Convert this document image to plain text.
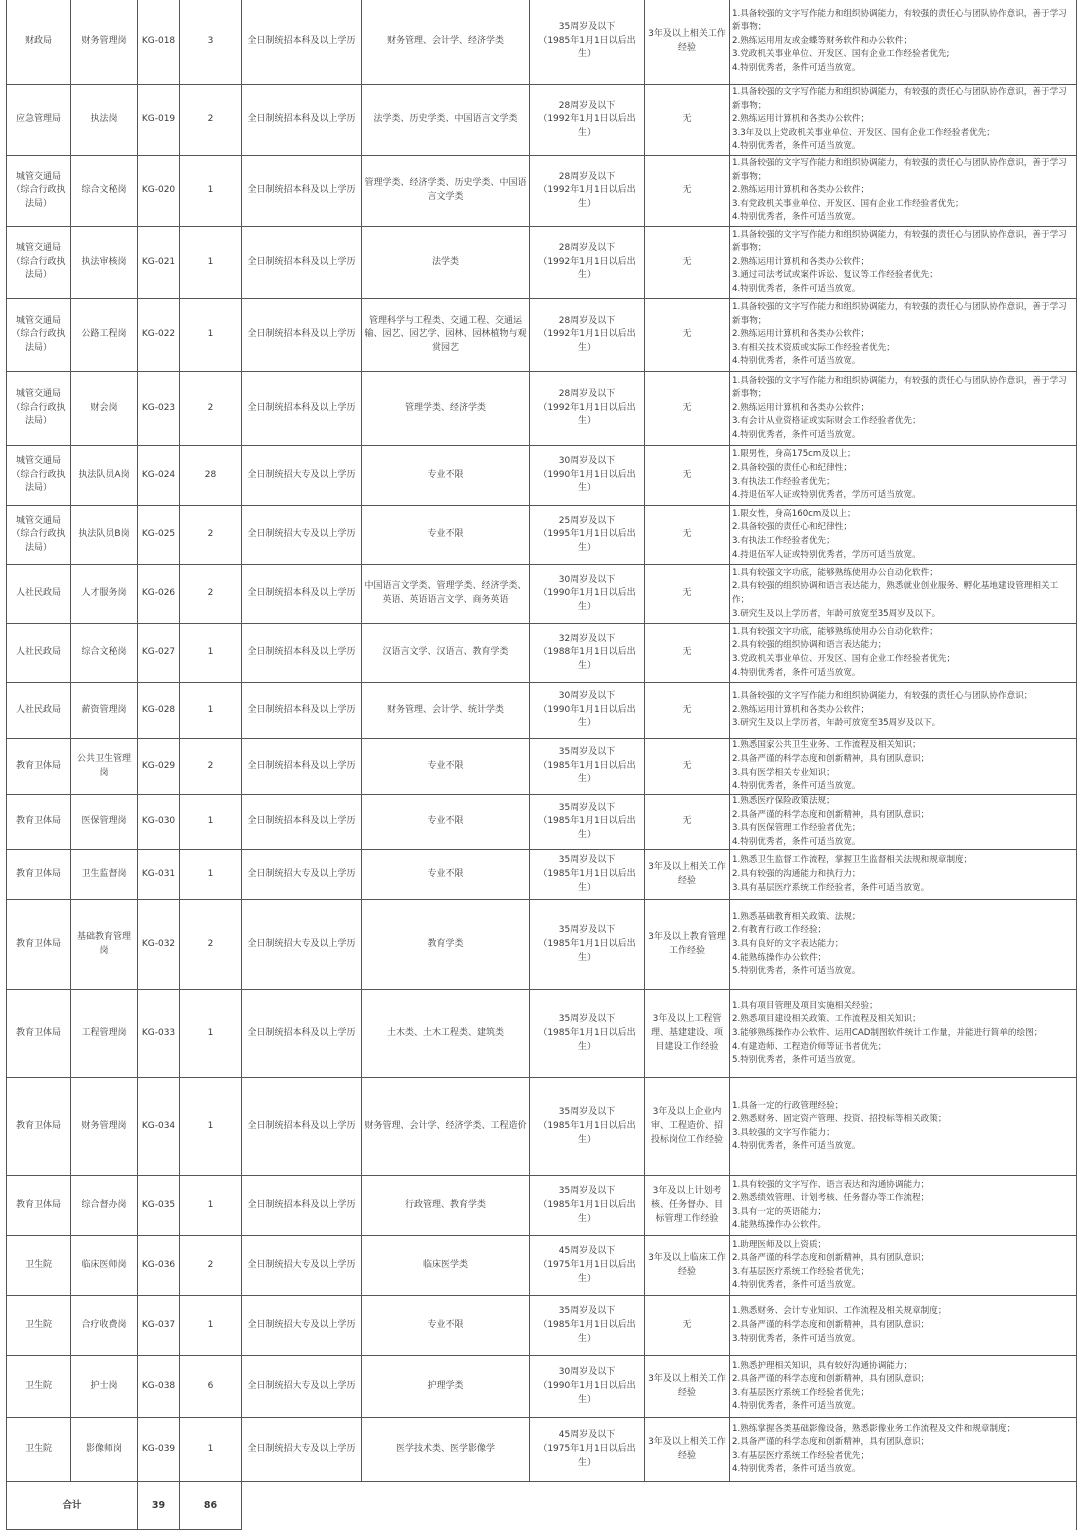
财政局	财务管理岗	KG-018	3	全日制统招本科及以上学历	财务管理、会计学、经济学类	
35周岁及以下
（1985年1月1日以后出生）
	3年及以上相关工作经验	
1.具备较强的文字写作能力和组织协调能力，有较强的责任心与团队协作意识，善于学习新事物；
2.熟练运用用友或金蝶等财务软件和办公软件；
3.党政机关事业单位、开发区、国有企业工作经验者优先;
4.特别优秀者，条件可适当放宽。

应急管理局	执法岗	KG-019	2	全日制统招本科及以上学历	法学类、历史学类、中国语言文学类	
28周岁及以下
（1992年1月1日以后出生）
	无	
1.具备较强的文字写作能力和组织协调能力，有较强的责任心与团队协作意识，善于学习新事物；
2.熟练运用计算机和各类办公软件；
3.3年及以上党政机关事业单位、开发区、国有企业工作经验者优先；
4.特别优秀者，条件可适当放宽。

城管交通局（综合行政执法局）	综合文秘岗	KG-020	1	全日制统招本科及以上学历	管理学类、经济学类、历史学类、中国语言文学类	
28周岁及以下
（1992年1月1日以后出生）
	无	
1.具备较强的文字写作能力和组织协调能力，有较强的责任心与团队协作意识，善于学习新事物；
2.熟练运用计算机和各类办公软件；
3.有党政机关事业单位、开发区、国有企业工作经验者优先；
4.特别优秀者，条件可适当放宽。

城管交通局（综合行政执法局）	执法审核岗	KG-021	1	全日制统招本科及以上学历	法学类	
28周岁及以下
（1992年1月1日以后出生）
	无	
1.具备较强的文字写作能力和组织协调能力，有较强的责任心与团队协作意识，善于学习新事物；
2.熟练运用计算机和各类办公软件；
3.通过司法考试或案件诉讼、复议等工作经验者优先；
4.特别优秀者，条件可适当放宽。

城管交通局（综合行政执法局）	公路工程岗	KG-022	1	全日制统招本科及以上学历	管理科学与工程类、交通工程、交通运输、园艺、园艺学、园林、园林植物与观赏园艺	
28周岁及以下
（1992年1月1日以后出生）
	无	
1.具备较强的文字写作能力和组织协调能力，有较强的责任心与团队协作意识，善于学习新事物；
2.熟练运用计算机和各类办公软件；
3.有相关技术资质或实际工作经验者优先；
4.特别优秀者，条件可适当放宽。

城管交通局（综合行政执法局）	财会岗	KG-023	2	全日制统招本科及以上学历	管理学类、经济学类	
28周岁及以下
（1992年1月1日以后出生）
	无	
1.具备较强的文字写作能力和组织协调能力，有较强的责任心与团队协作意识，善于学习新事物；
2.熟练运用计算机和各类办公软件；
3.有会计从业资格证或实际财会工作经验者优先；
4.特别优秀者，条件可适当放宽。

城管交通局（综合行政执法局）	执法队员A岗	KG-024	28	全日制统招大专及以上学历	专业不限	
30周岁及以下
（1990年1月1日以后出生）
	无	
1.限男性，身高175cm及以上；
2.具备较强的责任心和纪律性；
3.有执法工作经验者优先；
4.持退伍军人证或特别优秀者，学历可适当放宽。

城管交通局（综合行政执法局）	执法队员B岗	KG-025	2	全日制统招大专及以上学历	专业不限	
25周岁及以下
（1995年1月1日以后出生）
	无	
1.限女性，身高160cm及以上；
2.具备较强的责任心和纪律性；
3.有执法工作经验者优先；
4.持退伍军人证或特别优秀者，学历可适当放宽。

人社民政局	人才服务岗	KG-026	2	全日制统招本科及以上学历	中国语言文学类、管理学类、经济学类、英语、英语语言文学、商务英语	
30周岁及以下
（1990年1月1日以后出生）
	无	
1.具有较强文字功底，能够熟练使用办公自动化软件；
2.具有较强的组织协调和语言表达能力，熟悉就业创业服务、孵化基地建设管理相关工作；
3.研究生及以上学历者，年龄可放宽至35周岁及以下。

人社民政局	综合文秘岗	KG-027	1	全日制统招本科及以上学历	汉语言文学、汉语言、教育学类	
32周岁及以下
（1988年1月1日以后出生）
	无	
1.具有较强文字功底，能够熟练使用办公自动化软件；
2.具有较强的组织协调和语言表达能力；
3.党政机关事业单位、开发区、国有企业工作经验者优先；
4.特别优秀者，条件可适当放宽。

人社民政局	薪资管理岗	KG-028	1	全日制统招本科及以上学历	财务管理、会计学、统计学类	
30周岁及以下
（1990年1月1日以后出生）
	无	
1.具备较强的文字写作能力和组织协调能力，有较强的责任心与团队协作意识；
2.熟练运用计算机和各类办公软件；
3.研究生及以上学历者，年龄可放宽至35周岁及以下。

教育卫体局	公共卫生管理岗	KG-029	2	全日制统招本科及以上学历	专业不限	
35周岁及以下
（1985年1月1日以后出生）
	无	
1.熟悉国家公共卫生业务、工作流程及相关知识；
2.具备严谨的科学态度和创新精神，具有团队意识；
3.具有医学相关专业知识；
4.特别优秀者，条件可适当放宽。

教育卫体局	医保管理岗	KG-030	1	全日制统招本科及以上学历	专业不限	
35周岁及以下
（1985年1月1日以后出生）
	无	
1.熟悉医疗保险政策法规；
2.具备严谨的科学态度和创新精神，具有团队意识；
3.具有医保管理工作经验者优先；
4.特别优秀者，条件可适当放宽。

教育卫体局	卫生监督岗	KG-031	1	全日制统招大专及以上学历	专业不限	
35周岁及以下
（1985年1月1日以后出生）
	3年及以上相关工作经验	
1.熟悉卫生监督工作流程，掌握卫生监督相关法规和规章制度；
2.具有较强的沟通能力和执行力；
3.具有基层医疗系统工作经验者，条件可适当放宽。

教育卫体局	基础教育管理岗	KG-032	2	全日制统招大专及以上学历	教育学类	
35周岁及以下
（1985年1月1日以后出生）
	3年及以上教育管理工作经验	
1.熟悉基础教育相关政策、法规；
2.有教育行政工作经验；
3.具有良好的文字表达能力；
4.能熟练操作办公软件；
5.特别优秀者，条件可适当放宽。

教育卫体局	工程管理岗	KG-033	1	全日制统招本科及以上学历	土木类、土木工程类、建筑类	
35周岁及以下
（1985年1月1日以后出生）
	3年及以上工程管理、基建建设、项目建设工作经验	
1.具有项目管理及项目实施相关经验；
2.熟悉项目建设相关政策、工作流程及相关知识；
3.能够熟练操作办公软件、运用CAD制图软件统计工作量，并能进行简单的绘图；
4.有建造师、工程造价师等证书者优先；
5.特别优秀者，条件可适当放宽。

教育卫体局	财务管理岗	KG-034	1	全日制统招本科及以上学历	财务管理、会计学、经济学类、工程造价	
35周岁及以下
（1985年1月1日以后出生）
	3年及以上企业内审、工程造价、招投标岗位工作经验	
1.具备一定的行政管理经验；
2.熟悉财务、固定资产管理、投资、招投标等相关政策；
3.具较强的文字写作能力；
4.特别优秀者，条件可适当放宽。

教育卫体局	综合督办岗	KG-035	1	全日制统招本科及以上学历	行政管理、教育学类	
35周岁及以下
（1985年1月1日以后出生）
	3年及以上计划考核、任务督办、目标管理工作经验	
1.具有较强的文字写作、语言表达和沟通协调能力；
2.熟悉绩效管理、计划考核、任务督办等工作流程；
3.具有一定的英语能力；
4.能熟练操作办公软件。

卫生院	临床医师岗	KG-036	2	全日制统招大专及以上学历	临床医学类	
45周岁及以下
（1975年1月1日以后出生）
	3年及以上临床工作经验	
1.助理医师及以上资质；
2.具备严谨的科学态度和创新精神，具有团队意识；
3.有基层医疗系统工作经验者优先；
4.特别优秀者，条件可适当放宽。

卫生院	合疗收费岗	KG-037	1	全日制统招大专及以上学历	专业不限	
35周岁及以下
（1985年1月1日以后出生）
	无	
1.熟悉财务、会计专业知识、工作流程及相关规章制度；
2.具备严谨的科学态度和创新精神，具有团队意识；
3.特别优秀者，条件可适当放宽。

卫生院	护士岗	KG-038	6	全日制统招大专及以上学历	护理学类	
30周岁及以下
（1990年1月1日以后出生）
	3年及以上相关工作经验	
1.熟悉护理相关知识，具有较好沟通协调能力；
2.具备严谨的科学态度和创新精神，具有团队意识；
3.有基层医疗系统工作经验者优先；
4.特别优秀者，条件可适当放宽。

卫生院	影像师岗	KG-039	1	全日制统招大专及以上学历	医学技术类、医学影像学	
45周岁及以下
（1975年1月1日以后出生）
	3年及以上相关工作经验	
1.熟练掌握各类基础影像设备，熟悉影像业务工作流程及文件和规章制度；
2.具备严谨的科学态度和创新精神，具有团队意识；
3.有基层医疗系统工作经验者优先；
4.特别优秀者，条件可适当放宽。

合计		39	86					
